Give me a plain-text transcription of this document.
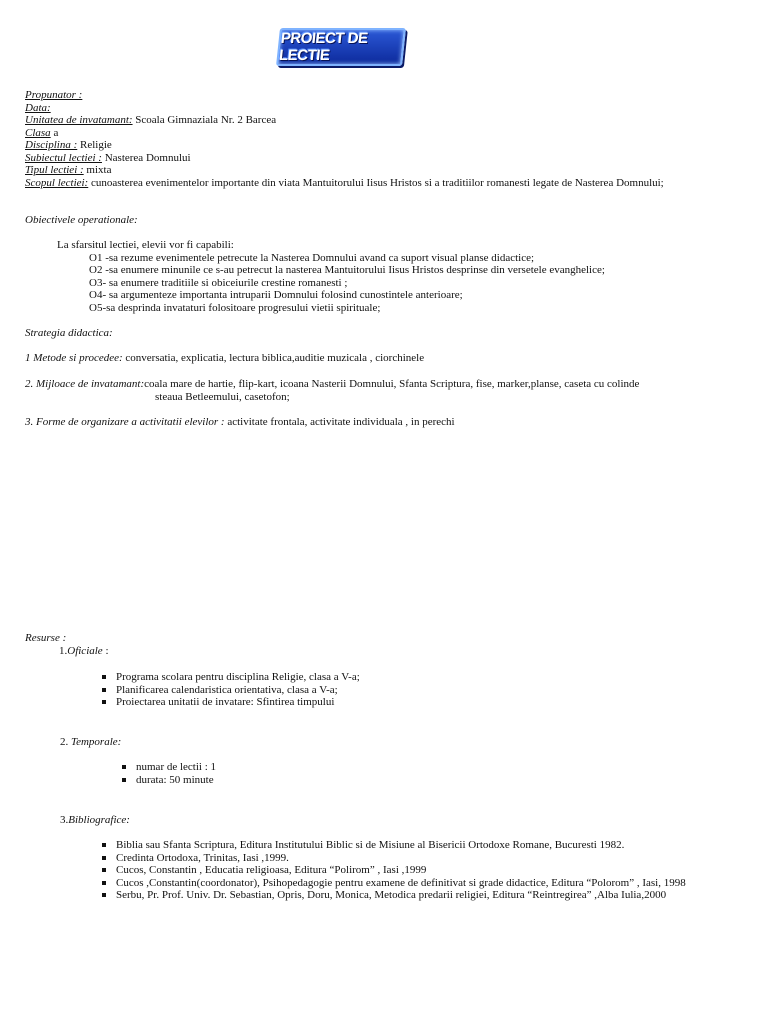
PROIECT DE LECTIE
Propunator :
Data:
Unitatea de invatamant: Scoala Gimnaziala Nr. 2 Barcea
Clasa a
Disciplina : Religie
Subiectul lectiei : Nasterea Domnului
Tipul lectiei : mixta
Scopul lectiei: cunoasterea evenimentelor importante din viata Mantuitorului Iisus Hristos si a traditiilor romanesti legate de Nasterea Domnului;
Obiectivele operationale:
La sfarsitul lectiei, elevii vor fi capabili:
O1 -sa rezume evenimentele petrecute la Nasterea Domnului avand ca suport visual planse didactice;
O2 -sa enumere minunile ce s-au petrecut la nasterea Mantuitorului Iisus Hristos desprinse din versetele evanghelice;
O3- sa enumere traditiile si obiceiurile crestine romanesti ;
O4- sa argumenteze importanta intruparii Domnului folosind cunostintele anterioare;
O5-sa desprinda invataturi folositoare progresului vietii spirituale;
Strategia didactica:
1 Metode si procedee: conversatia, explicatia, lectura biblica,auditie muzicala , ciorchinele
2. Mijloace de invatamant:coala mare de hartie, flip-kart, icoana Nasterii Domnului, Sfanta Scriptura, fise, marker,planse, caseta cu colinde
steaua Betleemului, casetofon;
3. Forme de organizare a activitatii elevilor : activitate frontala, activitate individuala , in perechi
Resurse :
1.Oficiale :
Programa scolara pentru disciplina Religie, clasa a V-a;
Planificarea calendaristica orientativa, clasa a V-a;
Proiectarea unitatii de invatare: Sfintirea timpului
2. Temporale:
numar de lectii : 1
durata: 50 minute
3.Bibliografice:
Biblia sau Sfanta Scriptura, Editura Institutului Biblic si de Misiune al Bisericii Ortodoxe Romane, Bucuresti 1982.
Credinta Ortodoxa, Trinitas, Iasi ,1999.
Cucos, Constantin , Educatia religioasa, Editura “Polirom” , Iasi ,1999
Cucos ,Constantin(coordonator), Psihopedagogie pentru examene de definitivat si grade didactice, Editura “Polorom” , Iasi, 1998
Serbu, Pr. Prof. Univ. Dr. Sebastian, Opris, Doru, Monica, Metodica predarii religiei, Editura “Reintregirea” ,Alba Iulia,2000
